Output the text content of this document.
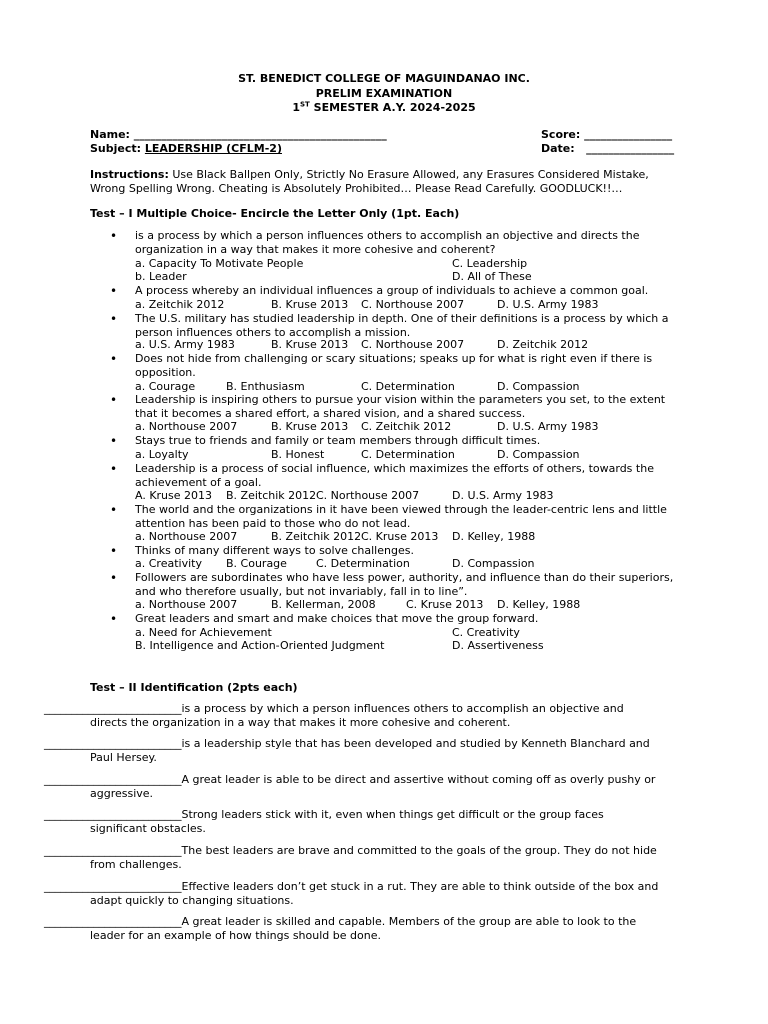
ST. BENEDICT COLLEGE OF MAGUINDANAO INC.
PRELIM EXAMINATION
1ST SEMESTER A.Y. 2024-2025
Name: ______________________________________________	Score: ________________
Subject: LEADERSHIP (CFLM-2)	Date: ________________
Instructions: Use Black Ballpen Only, Strictly No Erasure Allowed, any Erasures Considered Mistake,
Wrong Spelling Wrong. Cheating is Absolutely Prohibited… Please Read Carefully. GOODLUCK!!…
Test – I Multiple Choice- Encircle the Letter Only (1pt. Each)
• is a process by which a person influences others to accomplish an objective and directs the organization in a way that makes it more cohesive and coherent?
a. Capacity To Motivate People	C. Leadership
b. Leader	D. All of These
• A process whereby an individual influences a group of individuals to achieve a common goal.
a. Zeitchik 2012	B. Kruse 2013 C. Northouse 2007	D. U.S. Army 1983
• The U.S. military has studied leadership in depth. One of their definitions is a process by which a person influences others to accomplish a mission.
a. U.S. Army 1983	B. Kruse 2013 C. Northouse 2007	D. Zeitchik 2012
• Does not hide from challenging or scary situations; speaks up for what is right even if there is opposition.
a. Courage	B. Enthusiasm	C. Determination	D. Compassion
• Leadership is inspiring others to pursue your vision within the parameters you set, to the extent that it becomes a shared effort, a shared vision, and a shared success.
a. Northouse 2007	B. Kruse 2013 C. Zeitchik 2012	D. U.S. Army 1983
• Stays true to friends and family or team members through difficult times.
a. Loyalty	B. Honest	C. Determination	D. Compassion
• Leadership is a process of social influence, which maximizes the efforts of others, towards the achievement of a goal.
A. Kruse 2013 B. Zeitchik 2012 C. Northouse 2007	D. U.S. Army 1983
• The world and the organizations in it have been viewed through the leader-centric lens and little attention has been paid to those who do not lead.
a. Northouse 2007	B. Zeitchik 2012 C. Kruse 2013 D. Kelley, 1988
• Thinks of many different ways to solve challenges.
a. Creativity B. Courage	C. Determination	D. Compassion
• Followers are subordinates who have less power, authority, and influence than do their superiors, and who therefore usually, but not invariably, fall in to line”.
a. Northouse 2007	B. Kellerman, 2008	C. Kruse 2013 D. Kelley, 1988
• Great leaders and smart and make choices that move the group forward.
a. Need for Achievement	C. Creativity
B. Intelligence and Action-Oriented Judgment	D. Assertiveness
Test – II Identification (2pts each)
_________________________is a process by which a person influences others to accomplish an objective and
directs the organization in a way that makes it more cohesive and coherent.
_________________________is a leadership style that has been developed and studied by Kenneth Blanchard and
Paul Hersey.
_________________________A great leader is able to be direct and assertive without coming off as overly pushy or
aggressive.
_________________________Strong leaders stick with it, even when things get difficult or the group faces
significant obstacles.
_________________________The best leaders are brave and committed to the goals of the group. They do not hide
from challenges.
_________________________Effective leaders don’t get stuck in a rut. They are able to think outside of the box and
adapt quickly to changing situations.
_________________________A great leader is skilled and capable. Members of the group are able to look to the
leader for an example of how things should be done.
